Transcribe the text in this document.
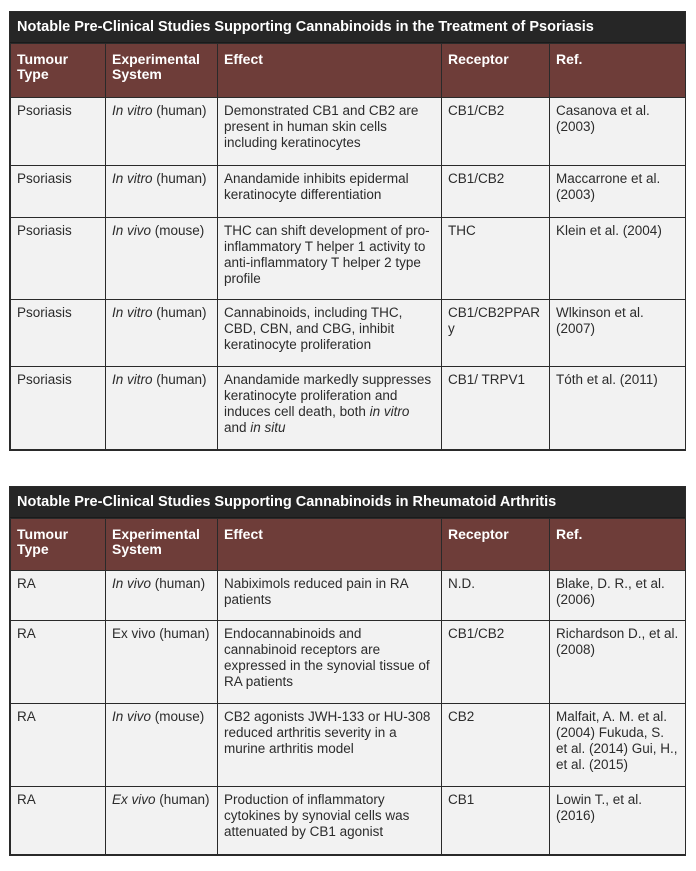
Notable Pre-Clinical Studies Supporting Cannabinoids in the Treatment of Psoriasis
Tumour Type	Experimental System	Effect	Receptor	Ref.
Psoriasis	In vitro (human)	Demonstrated CB1 and CB2 are present in human skin cells including keratinocytes	CB1/CB2	Casanova et al. (2003)
Psoriasis	In vitro (human)	Anandamide inhibits epidermal keratinocyte differentiation	CB1/CB2	Maccarrone et al. (2003)
Psoriasis	In vivo (mouse)	THC can shift development of pro-inflammatory T helper 1 activity to anti-inflammatory T helper 2 type profile	THC	Klein et al. (2004)
Psoriasis	In vitro (human)	Cannabinoids, including THC, CBD, CBN, and CBG, inhibit keratinocyte proliferation	CB1/CB2PPARy	Wlkinson et al. (2007)
Psoriasis	In vitro (human)	Anandamide markedly suppresses keratinocyte proliferation and induces cell death, both in vitro and in situ	CB1/ TRPV1	Tóth et al. (2011)
Notable Pre-Clinical Studies Supporting Cannabinoids in Rheumatoid Arthritis
Tumour Type	Experimental System	Effect	Receptor	Ref.
RA	In vivo (human)	Nabiximols reduced pain in RA patients	N.D.	Blake, D. R., et al. (2006)
RA	Ex vivo (human)	Endocannabinoids and cannabinoid receptors are expressed in the synovial tissue of RA patients	CB1/CB2	Richardson D., et al. (2008)
RA	In vivo (mouse)	CB2 agonists JWH-133 or HU-308 reduced arthritis severity in a murine arthritis model	CB2	Malfait, A. M. et al. (2004) Fukuda, S. et al. (2014) Gui, H., et al. (2015)
RA	Ex vivo (human)	Production of inflammatory cytokines by synovial cells was attenuated by CB1 agonist	CB1	Lowin T., et al. (2016)
